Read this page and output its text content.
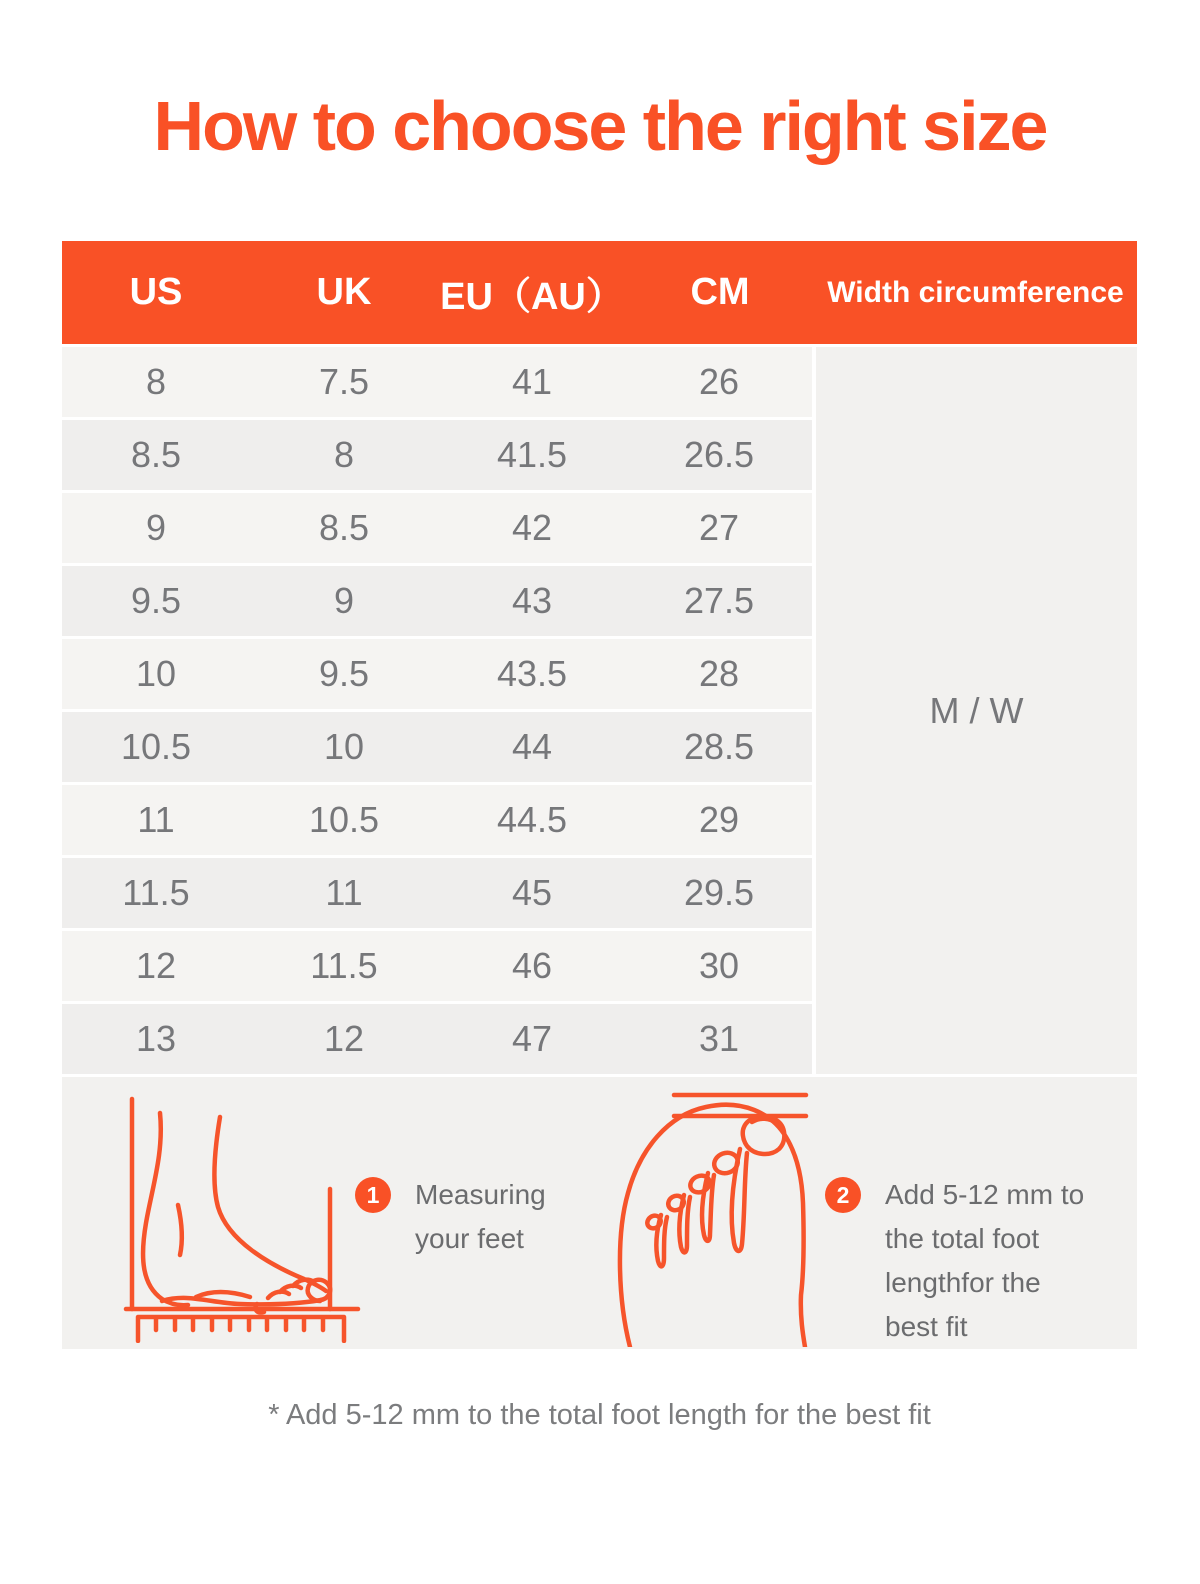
How to choose the right size
US	UK	EU（AU）	CM	Width circumference
8	7.5	41	26	M / W
8.5	8	41.5	26.5	
9	8.5	42	27	
9.5	9	43	27.5	
10	9.5	43.5	28	
10.5	10	44	28.5	
11	10.5	44.5	29	
11.5	11	45	29.5	
12	11.5	46	30	
13	12	47	31	
1	Measuring your feet
2	Add 5-12 mm to the total foot lengthfor the best fit
* Add 5-12 mm to the total foot length for the best fit
